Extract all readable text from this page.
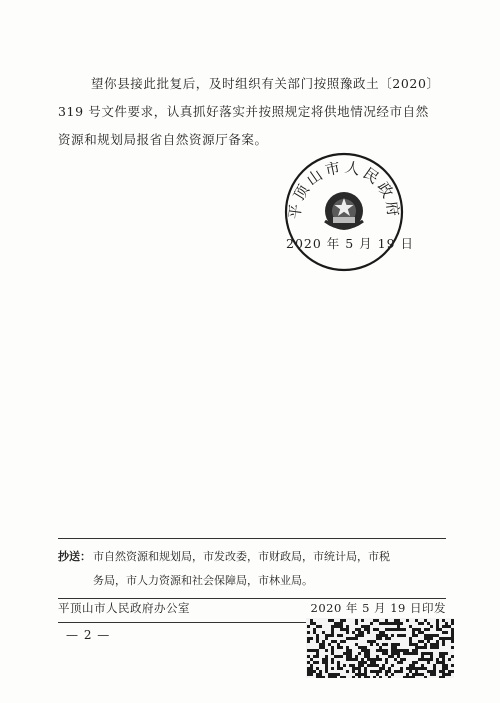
望你县接此批复后，及时组织有关部门按照豫政土〔2020〕

319 号文件要求，认真抓好落实并按照规定将供地情况经市自然

资源和规划局报省自然资源厅备案。

平顶山市人民政府
2020 年 5 月 19 日
抄送： 市自然资源和规划局，市发改委，市财政局，市统计局，市税
务局，市人力资源和社会保障局，市林业局。
平顶山市人民政府办公室	2020 年 5 月 19 日印发
— 2 —
